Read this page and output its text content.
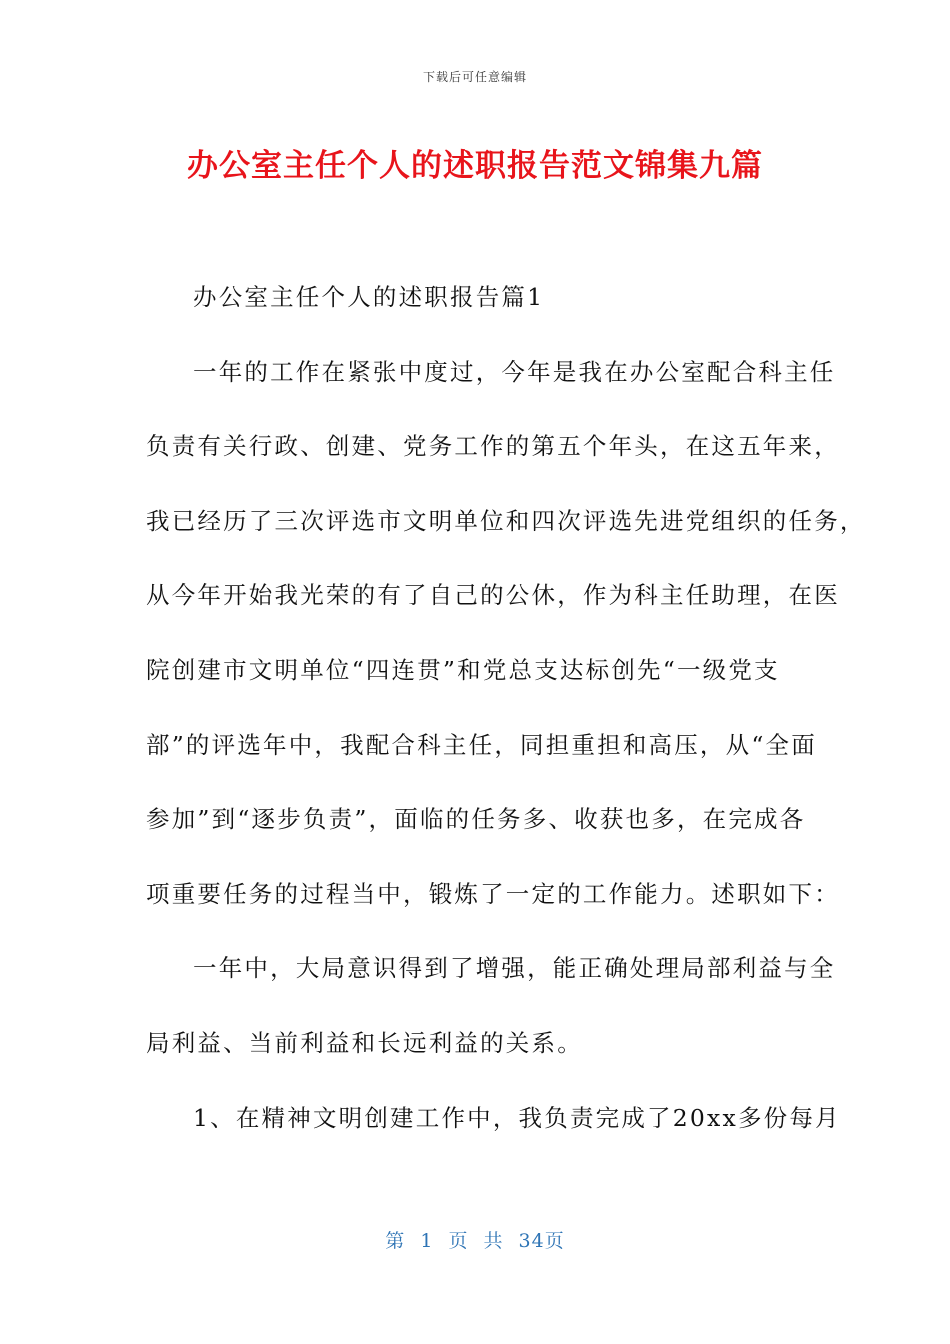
下载后可任意编辑
办公室主任个人的述职报告范文锦集九篇
办公室主任个人的述职报告篇1
一年的工作在紧张中度过，今年是我在办公室配合科主任
负责有关行政、创建、党务工作的第五个年头，在这五年来，
我已经历了三次评选市文明单位和四次评选先进党组织的任务，
从今年开始我光荣的有了自己的公休，作为科主任助理，在医
院创建市文明单位“四连贯”和党总支达标创先“一级党支
部”的评选年中，我配合科主任，同担重担和高压，从“全面
参加”到“逐步负责”，面临的任务多、收获也多，在完成各
项重要任务的过程当中，锻炼了一定的工作能力。述职如下：
一年中，大局意识得到了增强，能正确处理局部利益与全
局利益、当前利益和长远利益的关系。
1、在精神文明创建工作中，我负责完成了20xx多份每月
第 1 页 共 34页
